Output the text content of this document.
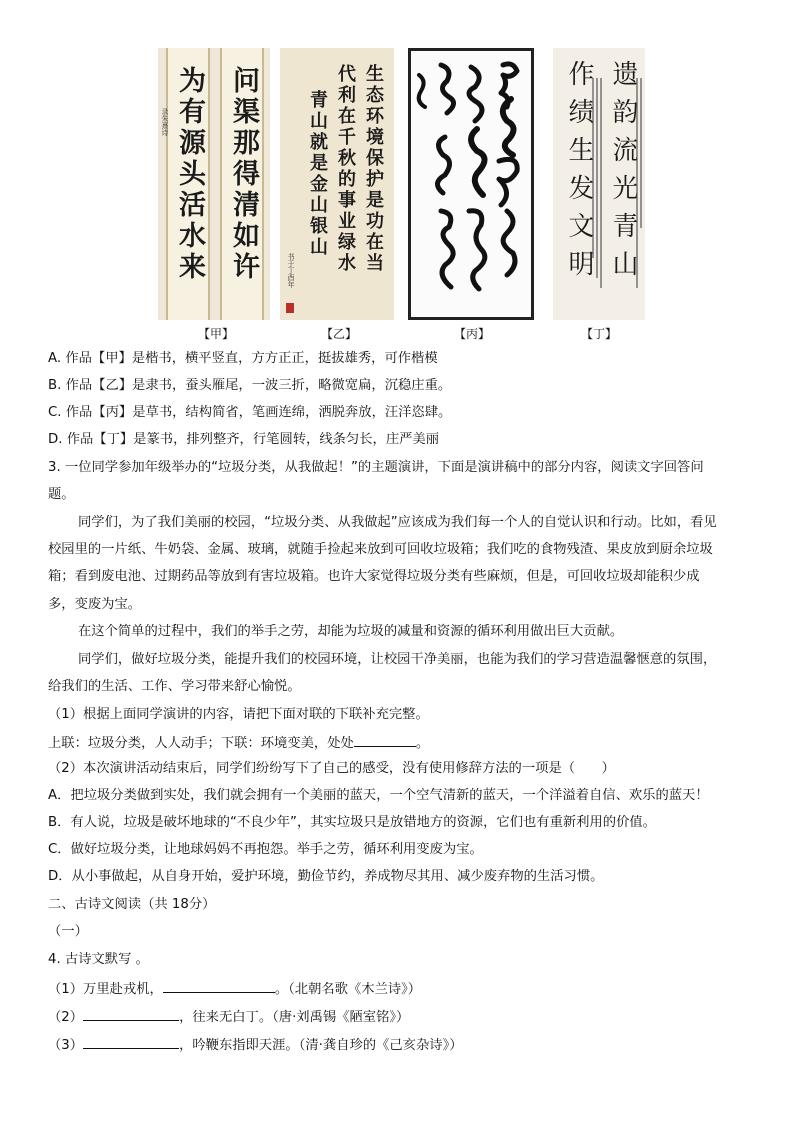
问渠那得清如许
为有源头活水来
录朱熹诗	生态环境保护是功在当
代利在千秋的事业绿水
青山就是金山银山
书于丁酉年	遗韵流光青山
作绩生发文明
【甲】	【乙】	【丙】	【丁】
A. 作品【甲】是楷书，横平竖直，方方正正，挺拔雄秀，可作楷模
B. 作品【乙】是隶书，蚕头雁尾，一波三折，略微宽扁，沉稳庄重。
C. 作品【丙】是草书，结构简省，笔画连绵，洒脱奔放，汪洋恣肆。
D. 作品【丁】是篆书，排列整齐，行笔圆转，线条匀长，庄严美丽
3. 一位同学参加年级举办的“垃圾分类，从我做起！”的主题演讲，下面是演讲稿中的部分内容，阅读文字回答问
题。
同学们，为了我们美丽的校园，“垃圾分类、从我做起”应该成为我们每一个人的自觉认识和行动。比如，看见
校园里的一片纸、牛奶袋、金属、玻璃，就随手捡起来放到可回收垃圾箱；我们吃的食物残渣、果皮放到厨余垃圾
箱；看到废电池、过期药品等放到有害垃圾箱。也许大家觉得垃圾分类有些麻烦，但是，可回收垃圾却能积少成
多，变废为宝。
在这个简单的过程中，我们的举手之劳，却能为垃圾的减量和资源的循环利用做出巨大贡献。
同学们，做好垃圾分类，能提升我们的校园环境，让校园干净美丽，也能为我们的学习营造温馨惬意的氛围，
给我们的生活、工作、学习带来舒心愉悦。
（1）根据上面同学演讲的内容，请把下面对联的下联补充完整。
上联：垃圾分类，人人动手；下联：环境变美，处处	。
（2）本次演讲活动结束后，同学们纷纷写下了自己的感受，没有使用修辞方法的一项是（　　）
A．把垃圾分类做到实处，我们就会拥有一个美丽的蓝天，一个空气清新的蓝天，一个洋溢着自信、欢乐的蓝天！
B．有人说，垃圾是破坏地球的“不良少年”，其实垃圾只是放错地方的资源，它们也有重新利用的价值。
C．做好垃圾分类，让地球妈妈不再抱怨。举手之劳，循环利用变废为宝。
D．从小事做起，从自身开始，爱护环境，勤俭节约，养成物尽其用、减少废弃物的生活习惯。
二、古诗文阅读（共 18分）
（一）
4. 古诗文默写 。
（1）万里赴戎机，	。（北朝名歌《木兰诗》）
（2）	，往来无白丁。（唐·刘禹锡《陋室铭》）
（3）	，吟鞭东指即天涯。（清·龚自珍的《己亥杂诗》）
